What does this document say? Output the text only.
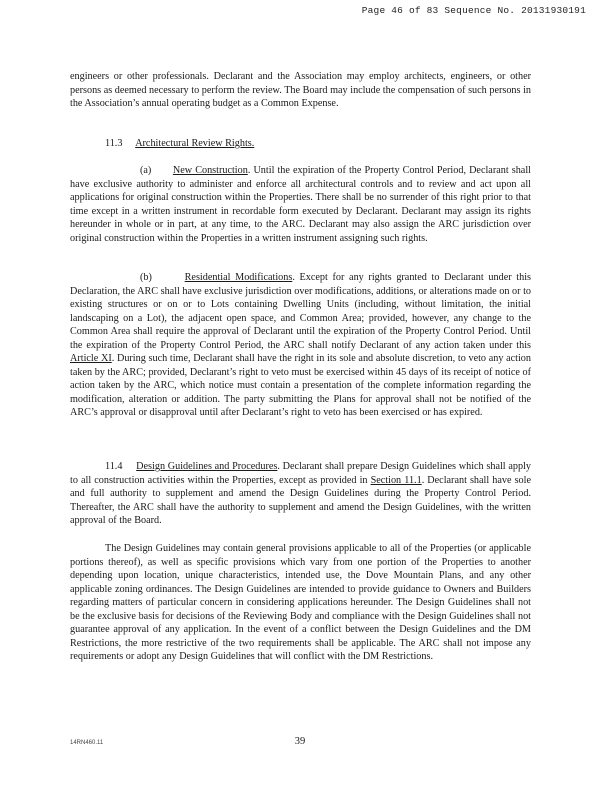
Page 46 of 83 Sequence No. 20131930191

engineers or other professionals. Declarant and the Association may employ architects, engineers, or other persons as deemed necessary to perform the review. The Board may include the compensation of such persons in the Association’s annual operating budget as a Common Expense.

11.3 Architectural Review Rights.

(a) New Construction. Until the expiration of the Property Control Period, Declarant shall have exclusive authority to administer and enforce all architectural controls and to review and act upon all applications for original construction within the Properties. There shall be no surrender of this right prior to that time except in a written instrument in recordable form executed by Declarant. Declarant may assign its rights hereunder in whole or in part, at any time, to the ARC. Declarant may also assign the ARC jurisdiction over original construction within the Properties in a written instrument assigning such rights.

(b)	Residential Modifications. Except for any rights granted to Declarant under this Declaration, the ARC shall have exclusive jurisdiction over modifications, additions, or alterations made on or to existing structures or on or to Lots containing Dwelling Units (including, without limitation, the initial landscaping on a Lot), the adjacent open space, and Common Area; provided, however, any change to the Common Area shall require the approval of Declarant until the expiration of the Property Control Period. Until the expiration of the Property Control Period, the ARC shall notify Declarant of any action taken under this Article XI. During such time, Declarant shall have the right in its sole and absolute discretion, to veto any action taken by the ARC; provided, Declarant’s right to veto must be exercised within 45 days of its receipt of notice of action taken by the ARC, which notice must contain a presentation of the complete information regarding the modification, alteration or addition. The party submitting the Plans for approval shall not be notified of the ARC’s approval or disapproval until after Declarant’s right to veto has been exercised or has expired.

11.4 Design Guidelines and Procedures. Declarant shall prepare Design Guidelines which shall apply to all construction activities within the Properties, except as provided in Section 11.1. Declarant shall have sole and full authority to supplement and amend the Design Guidelines during the Property Control Period. Thereafter, the ARC shall have the authority to supplement and amend the Design Guidelines, with the written approval of the Board.

The Design Guidelines may contain general provisions applicable to all of the Properties (or applicable portions thereof), as well as specific provisions which vary from one portion of the Properties to another depending upon location, unique characteristics, intended use, the Dove Mountain Plans, and any other applicable zoning ordinances. The Design Guidelines are intended to provide guidance to Owners and Builders regarding matters of particular concern in considering applications hereunder. The Design Guidelines shall not be the exclusive basis for decisions of the Reviewing Body and compliance with the Design Guidelines shall not guarantee approval of any application. In the event of a conflict between the Design Guidelines and the DM Restrictions, the more restrictive of the two requirements shall be applicable. The ARC shall not impose any requirements or adopt any Design Guidelines that will conflict with the DM Restrictions.

14RN460.11	39
